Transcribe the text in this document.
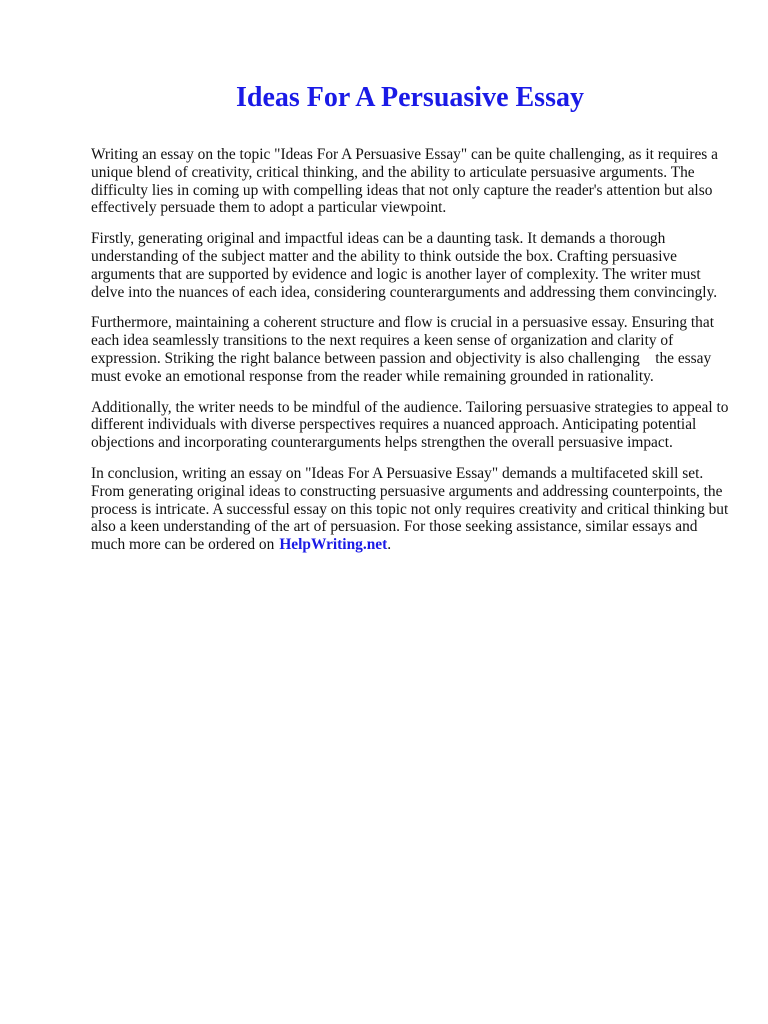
Ideas For A Persuasive Essay

Writing an essay on the topic "Ideas For A Persuasive Essay" can be quite challenging, as it requires a unique blend of creativity, critical thinking, and the ability to articulate persuasive arguments. The difficulty lies in coming up with compelling ideas that not only capture the reader's attention but also effectively persuade them to adopt a particular viewpoint.

Firstly, generating original and impactful ideas can be a daunting task. It demands a thorough understanding of the subject matter and the ability to think outside the box. Crafting persuasive arguments that are supported by evidence and logic is another layer of complexity. The writer must delve into the nuances of each idea, considering counterarguments and addressing them convincingly.

Furthermore, maintaining a coherent structure and flow is crucial in a persuasive essay. Ensuring that each idea seamlessly transitions to the next requires a keen sense of organization and clarity of expression. Striking the right balance between passion and objectivity is also challenging    the essay must evoke an emotional response from the reader while remaining grounded in rationality.

Additionally, the writer needs to be mindful of the audience. Tailoring persuasive strategies to appeal to different individuals with diverse perspectives requires a nuanced approach. Anticipating potential objections and incorporating counterarguments helps strengthen the overall persuasive impact.

In conclusion, writing an essay on "Ideas For A Persuasive Essay" demands a multifaceted skill set. From generating original ideas to constructing persuasive arguments and addressing counterpoints, the process is intricate. A successful essay on this topic not only requires creativity and critical thinking but also a keen understanding of the art of persuasion. For those seeking assistance, similar essays and much more can be ordered on HelpWriting.net.
